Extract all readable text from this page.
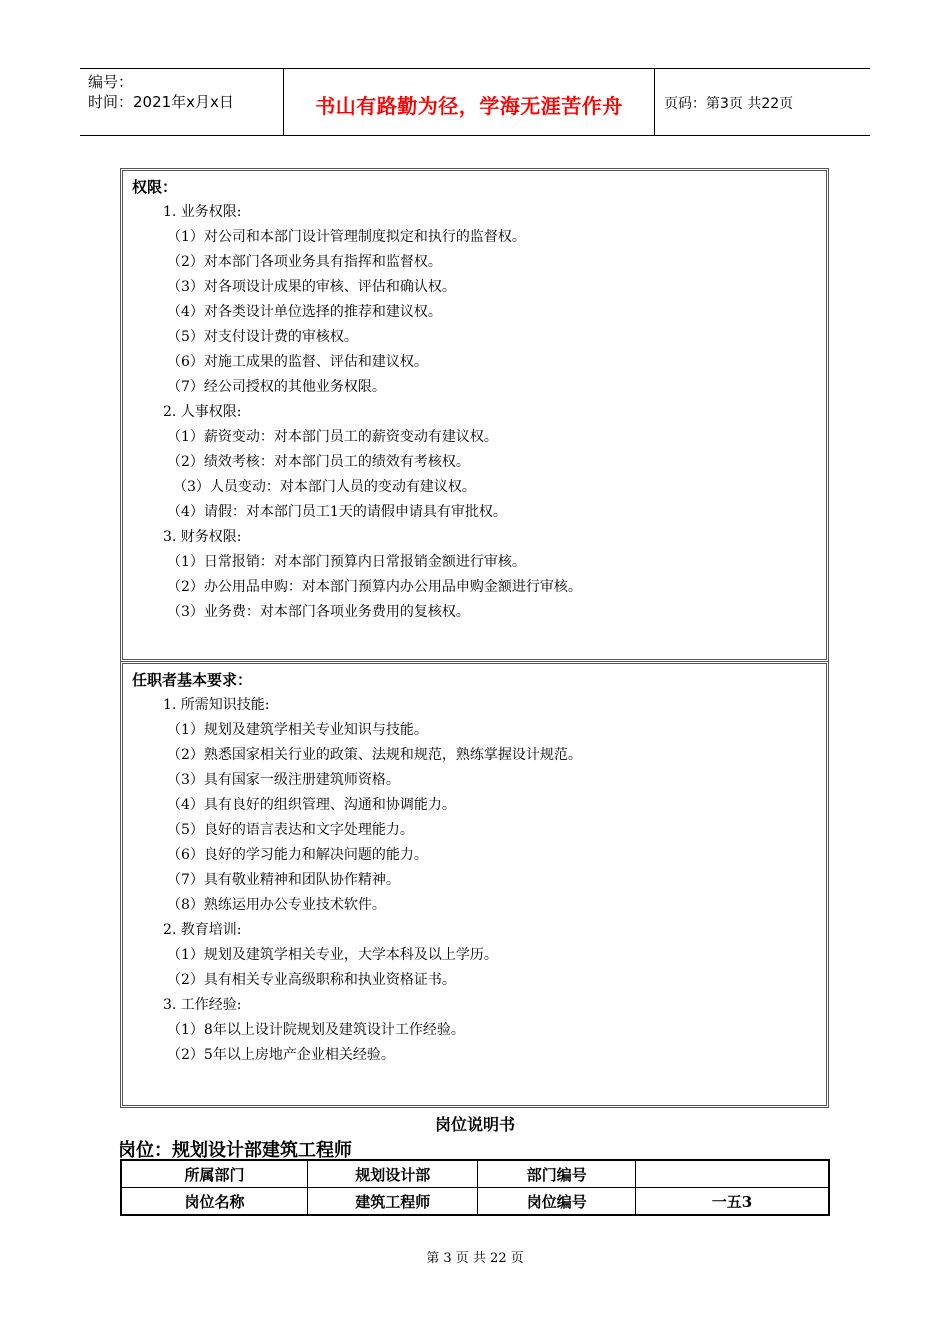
编号：
时间：2021年x月x日	书山有路勤为径，学海无涯苦作舟	页码：第3页 共22页
权限：
1. 业务权限:
（1）对公司和本部门设计管理制度拟定和执行的监督权。
（2）对本部门各项业务具有指挥和监督权。
（3）对各项设计成果的审核、评估和确认权。
（4）对各类设计单位选择的推荐和建议权。
（5）对支付设计费的审核权。
（6）对施工成果的监督、评估和建议权。
（7）经公司授权的其他业务权限。
2. 人事权限:
（1）薪资变动：对本部门员工的薪资变动有建议权。
（2）绩效考核：对本部门员工的绩效有考核权。
（3）人员变动：对本部门人员的变动有建议权。
（4）请假：对本部门员工1天的请假申请具有审批权。
3. 财务权限:
（1）日常报销：对本部门预算内日常报销金额进行审核。
（2）办公用品申购：对本部门预算内办公用品申购金额进行审核。
（3）业务费：对本部门各项业务费用的复核权。
任职者基本要求：
1. 所需知识技能:
（1）规划及建筑学相关专业知识与技能。
（2）熟悉国家相关行业的政策、法规和规范，熟练掌握设计规范。
（3）具有国家一级注册建筑师资格。
（4）具有良好的组织管理、沟通和协调能力。
（5）良好的语言表达和文字处理能力。
（6）良好的学习能力和解决问题的能力。
（7）具有敬业精神和团队协作精神。
（8）熟练运用办公专业技术软件。
2. 教育培训:
（1）规划及建筑学相关专业，大学本科及以上学历。
（2）具有相关专业高级职称和执业资格证书。
3. 工作经验:
（1）8年以上设计院规划及建筑设计工作经验。
（2）5年以上房地产企业相关经验。
岗位说明书
岗位：规划设计部建筑工程师
所属部门	规划设计部	部门编号	
岗位名称	建筑工程师	岗位编号	一五3
第 3 页 共 22 页
